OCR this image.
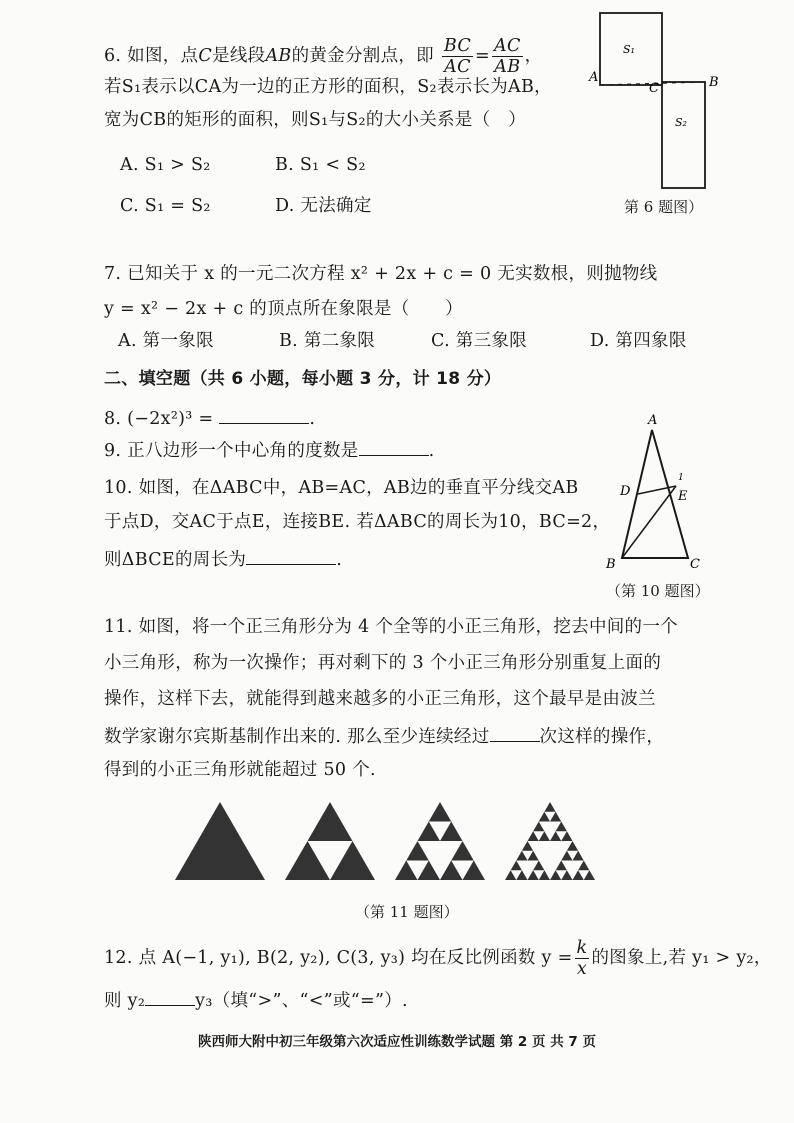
6. 如图，点C是线段AB的黄金分割点，即 $\frac{BC}{AC} = \frac{AC}{AB}$ ，
若S₁表示以CA为一边的正方形的面积，S₂表示长为AB，
宽为CB的矩形的面积，则S₁与S₂的大小关系是（　）
A. S₁ > S₂	B. S₁ < S₂
C. S₁ = S₂	D. 无法确定
A
C	B
S₁
S₂
第 6 题图）
7. 已知关于 x 的一元二次方程 x² + 2x + c = 0 无实数根，则抛物线
y = x² − 2x + c 的顶点所在象限是（　　）
A. 第一象限	B. 第二象限	C. 第三象限	D. 第四象限
二、填空题（共 6 小题，每小题 3 分，计 18 分）
8. (−2x²)³ =	.
9. 正八边形一个中心角的度数是	.
10. 如图，在ΔABC中，AB=AC，AB边的垂直平分线交AB
于点D，交AC于点E，连接BE. 若ΔABC的周长为10，BC=2，
则ΔBCE的周长为	.
A
D	E
1
B	C
（第 10 题图）
11. 如图，将一个正三角形分为 4 个全等的小正三角形，挖去中间的一个
小三角形，称为一次操作；再对剩下的 3 个小正三角形分别重复上面的
操作，这样下去，就能得到越来越多的小正三角形，这个最早是由波兰
数学家谢尔宾斯基制作出来的. 那么至少连续经过	次这样的操作，
得到的小正三角形就能超过 50 个.
（第 11 题图）
12. 点 A(−1, y₁), B(2, y₂), C(3, y₃) 均在反比例函数 $y = \frac{k}{x}$ 的图象上,若 y₁ > y₂，
则 y₂	y₃（填“>”、“<”或“=”）.
陕西师大附中初三年级第六次适应性训练数学试题 第 2 页 共 7 页
